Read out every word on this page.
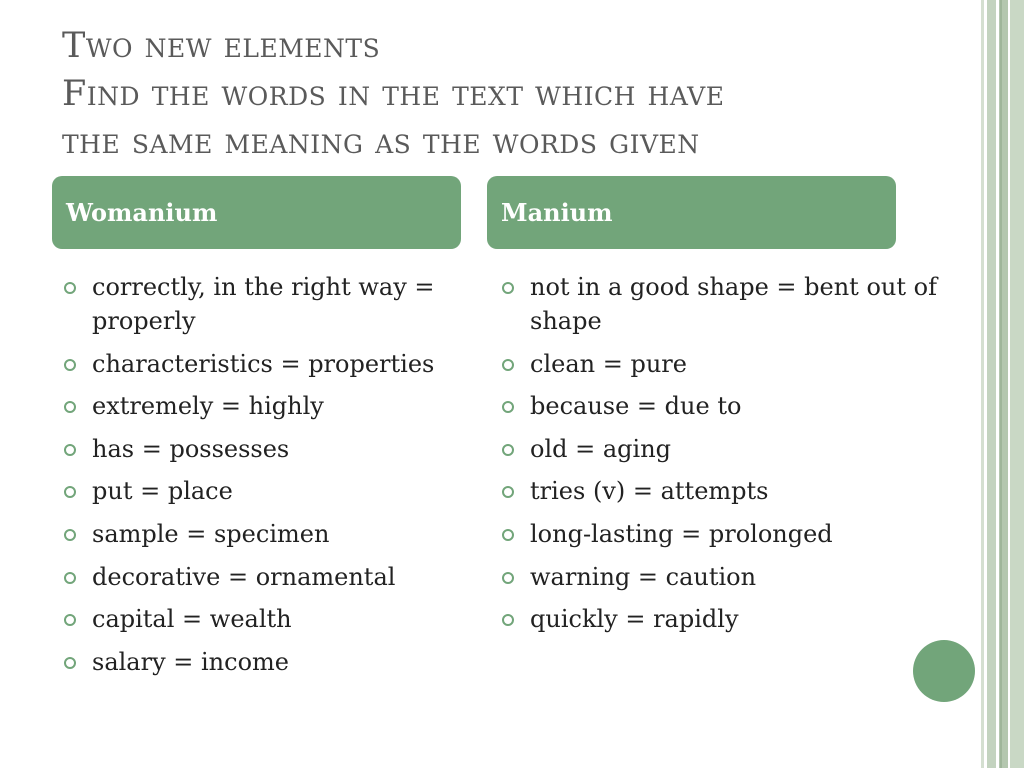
Two new elements
Find the words in the text which have
the same meaning as the words given
Womanium	Manium
correctly, in the right way = properly
characteristics = properties
extremely = highly
has = possesses
put = place
sample = specimen
decorative = ornamental
capital = wealth
salary = income
not in a good shape = bent out of shape
clean = pure
because = due to
old = aging
tries (v) = attempts
long-lasting = prolonged
warning = caution
quickly = rapidly
